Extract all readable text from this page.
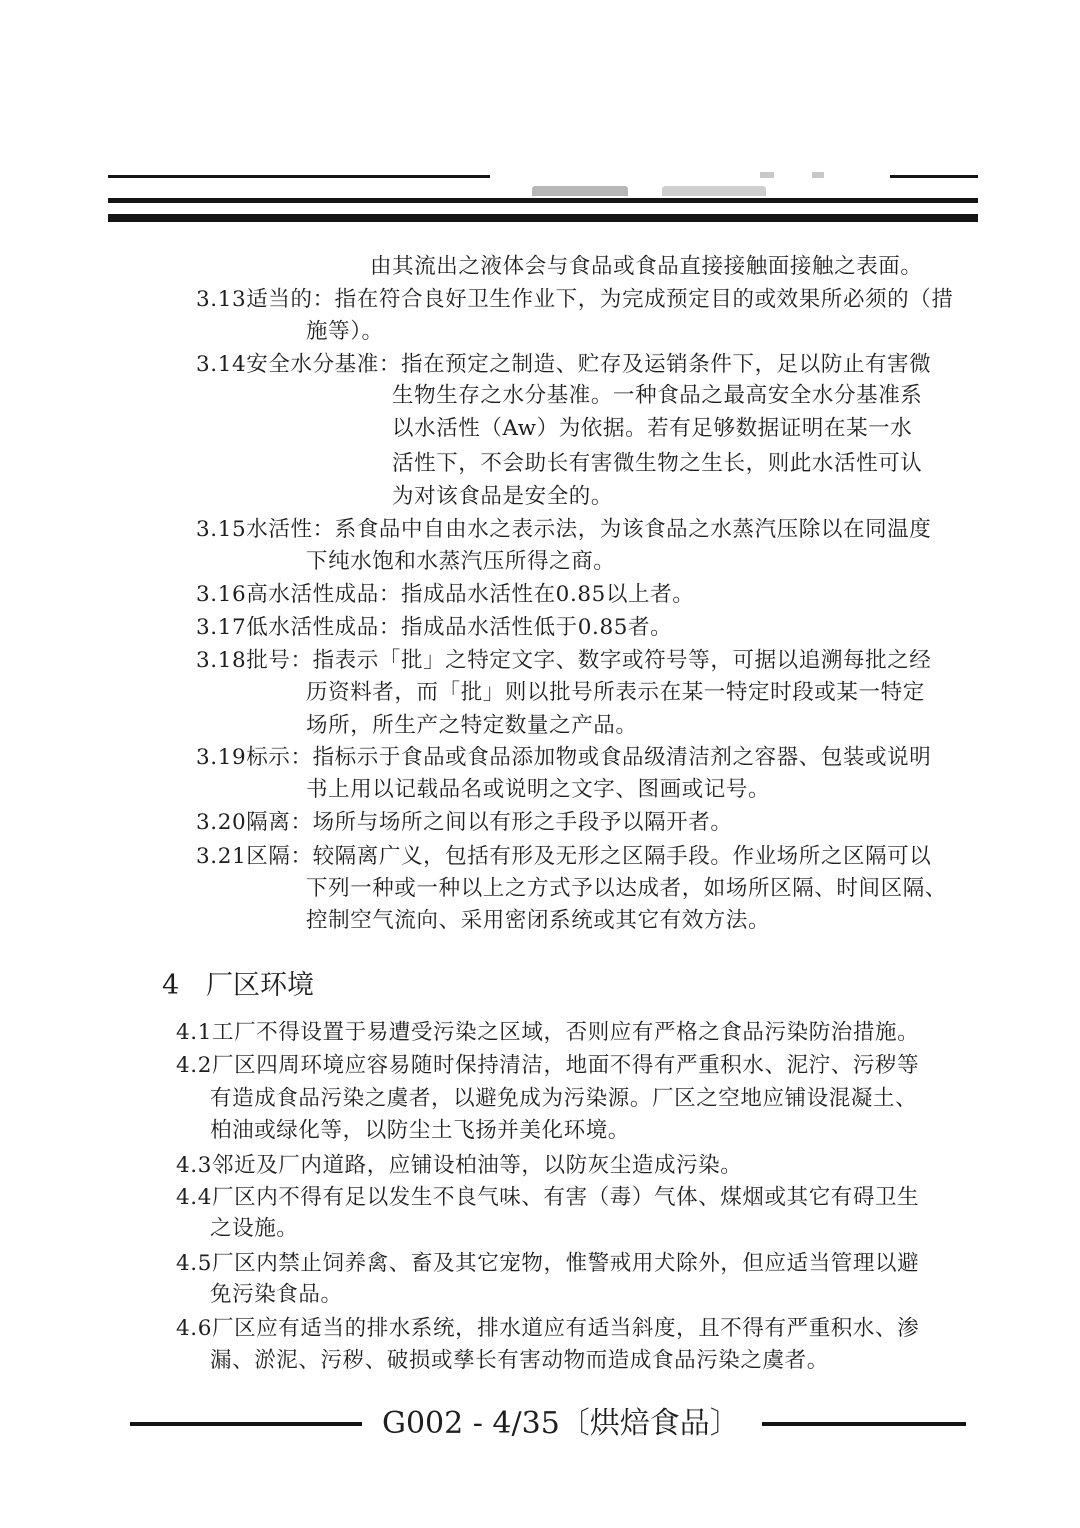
由其流出之液体会与食品或食品直接接触面接触之表面。
3.13适当的：指在符合良好卫生作业下，为完成预定目的或效果所必须的（措
施等）。
3.14安全水分基准：指在预定之制造、贮存及运销条件下，足以防止有害微
生物生存之水分基准。一种食品之最高安全水分基准系
以水活性（Aw）为依据。若有足够数据证明在某一水
活性下，不会助长有害微生物之生长，则此水活性可认
为对该食品是安全的。
3.15水活性：系食品中自由水之表示法，为该食品之水蒸汽压除以在同温度
下纯水饱和水蒸汽压所得之商。
3.16高水活性成品：指成品水活性在0.85以上者。
3.17低水活性成品：指成品水活性低于0.85者。
3.18批号：指表示「批」之特定文字、数字或符号等，可据以追溯每批之经
历资料者，而「批」则以批号所表示在某一特定时段或某一特定
场所，所生产之特定数量之产品。
3.19标示：指标示于食品或食品添加物或食品级清洁剂之容器、包装或说明
书上用以记载品名或说明之文字、图画或记号。
3.20隔离：场所与场所之间以有形之手段予以隔开者。
3.21区隔：较隔离广义，包括有形及无形之区隔手段。作业场所之区隔可以
下列一种或一种以上之方式予以达成者，如场所区隔、时间区隔、
控制空气流向、采用密闭系统或其它有效方法。
4 厂区环境
4.1工厂不得设置于易遭受污染之区域，否则应有严格之食品污染防治措施。
4.2厂区四周环境应容易随时保持清洁，地面不得有严重积水、泥泞、污秽等
有造成食品污染之虞者，以避免成为污染源。厂区之空地应铺设混凝土、
柏油或绿化等，以防尘土飞扬并美化环境。
4.3邻近及厂内道路，应铺设柏油等，以防灰尘造成污染。
4.4厂区内不得有足以发生不良气味、有害（毒）气体、煤烟或其它有碍卫生
之设施。
4.5厂区内禁止饲养禽、畜及其它宠物，惟警戒用犬除外，但应适当管理以避
免污染食品。
4.6厂区应有适当的排水系统，排水道应有适当斜度，且不得有严重积水、渗
漏、淤泥、污秽、破损或孳长有害动物而造成食品污染之虞者。
G002 - 4/35〔烘焙食品〕
